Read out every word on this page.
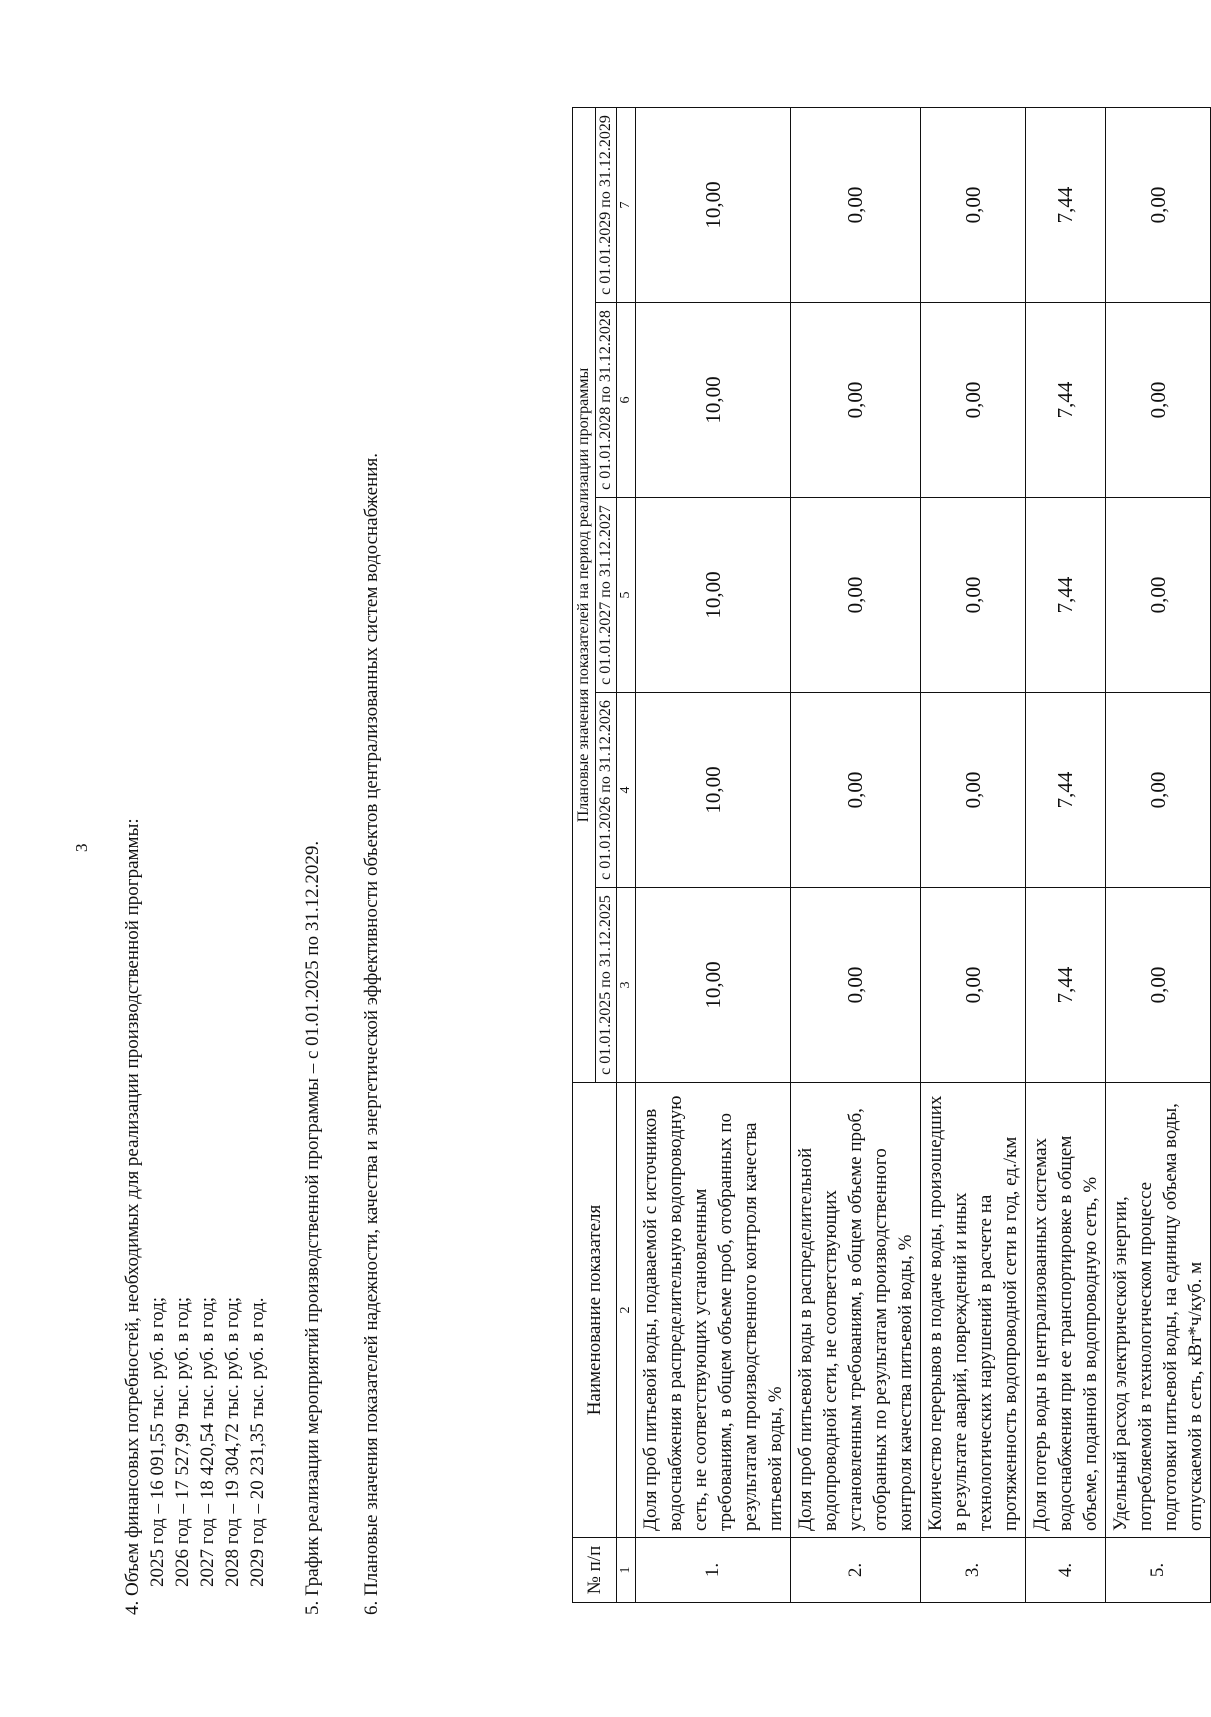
3 4. Объем финансовых потребностей, необходимых для реализации производственной программы: 2025 год – 16 091,55 тыс. руб. в год; 2026 год – 17 527,99 тыс. руб. в год; 2027 год – 18 420,54 тыс. руб. в год; 2028 год – 19 304,72 тыс. руб. в год; 2029 год – 20 231,35 тыс. руб. в год. 5. График реализации мероприятий производственной программы – с 01.01.2025 по 31.12.2029. 6. Плановые значения показателей надежности, качества и энергетической эффективности объектов централизованных систем водоснабжения.	№ п/п	Наименование показателя	Плановые значения показателей на период реализации программы				
		с 01.01.2025 по 31.12.2025	с 01.01.2026 по 31.12.2026	с 01.01.2027 по 31.12.2027	с 01.01.2028 по 31.12.2028	с 01.01.2029 по 31.12.2029
1	2	3	4	5	6	7
1.	Доля проб питьевой воды, подаваемой с источников водоснабжения в распределительную водопроводную сеть, не соответствующих установленным требованиям, в общем объеме проб, отобранных по результатам производственного контроля качества питьевой воды, %	10,00	10,00	10,00	10,00	10,00
2.	Доля проб питьевой воды в распределительной водопроводной сети, не соответствующих установленным требованиям, в общем объеме проб, отобранных по результатам производственного контроля качества питьевой воды, %	0,00	0,00	0,00	0,00	0,00
3.	Количество перерывов в подаче воды, произошедших в результате аварий, повреждений и иных технологических нарушений в расчете на протяженность водопроводной сети в год, ед./км	0,00	0,00	0,00	0,00	0,00
4.	Доля потерь воды в централизованных системах водоснабжения при ее транспортировке в общем объеме, поданной в водопроводную сеть, %	7,44	7,44	7,44	7,44	7,44
5.	Удельный расход электрической энергии, потребляемой в технологическом процессе подготовки питьевой воды, на единицу объема воды, отпускаемой в сеть, кВт*ч/куб. м	0,00	0,00	0,00	0,00	0,00
